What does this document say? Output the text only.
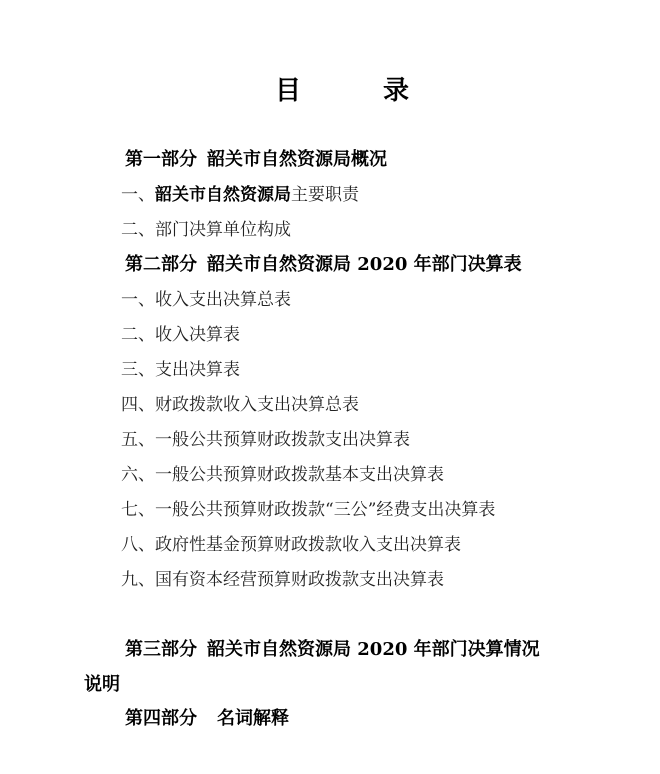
目	录
第一部分 韶关市自然资源局概况
一、韶关市自然资源局主要职责
二、部门决算单位构成
第二部分 韶关市自然资源局 2020 年部门决算表
一、收入支出决算总表
二、收入决算表
三、支出决算表
四、财政拨款收入支出决算总表
五、一般公共预算财政拨款支出决算表
六、一般公共预算财政拨款基本支出决算表
七、一般公共预算财政拨款“三公”经费支出决算表
八、政府性基金预算财政拨款收入支出决算表
九、国有资本经营预算财政拨款支出决算表
第三部分 韶关市自然资源局 2020 年部门决算情况
说明
第四部分 名词解释
